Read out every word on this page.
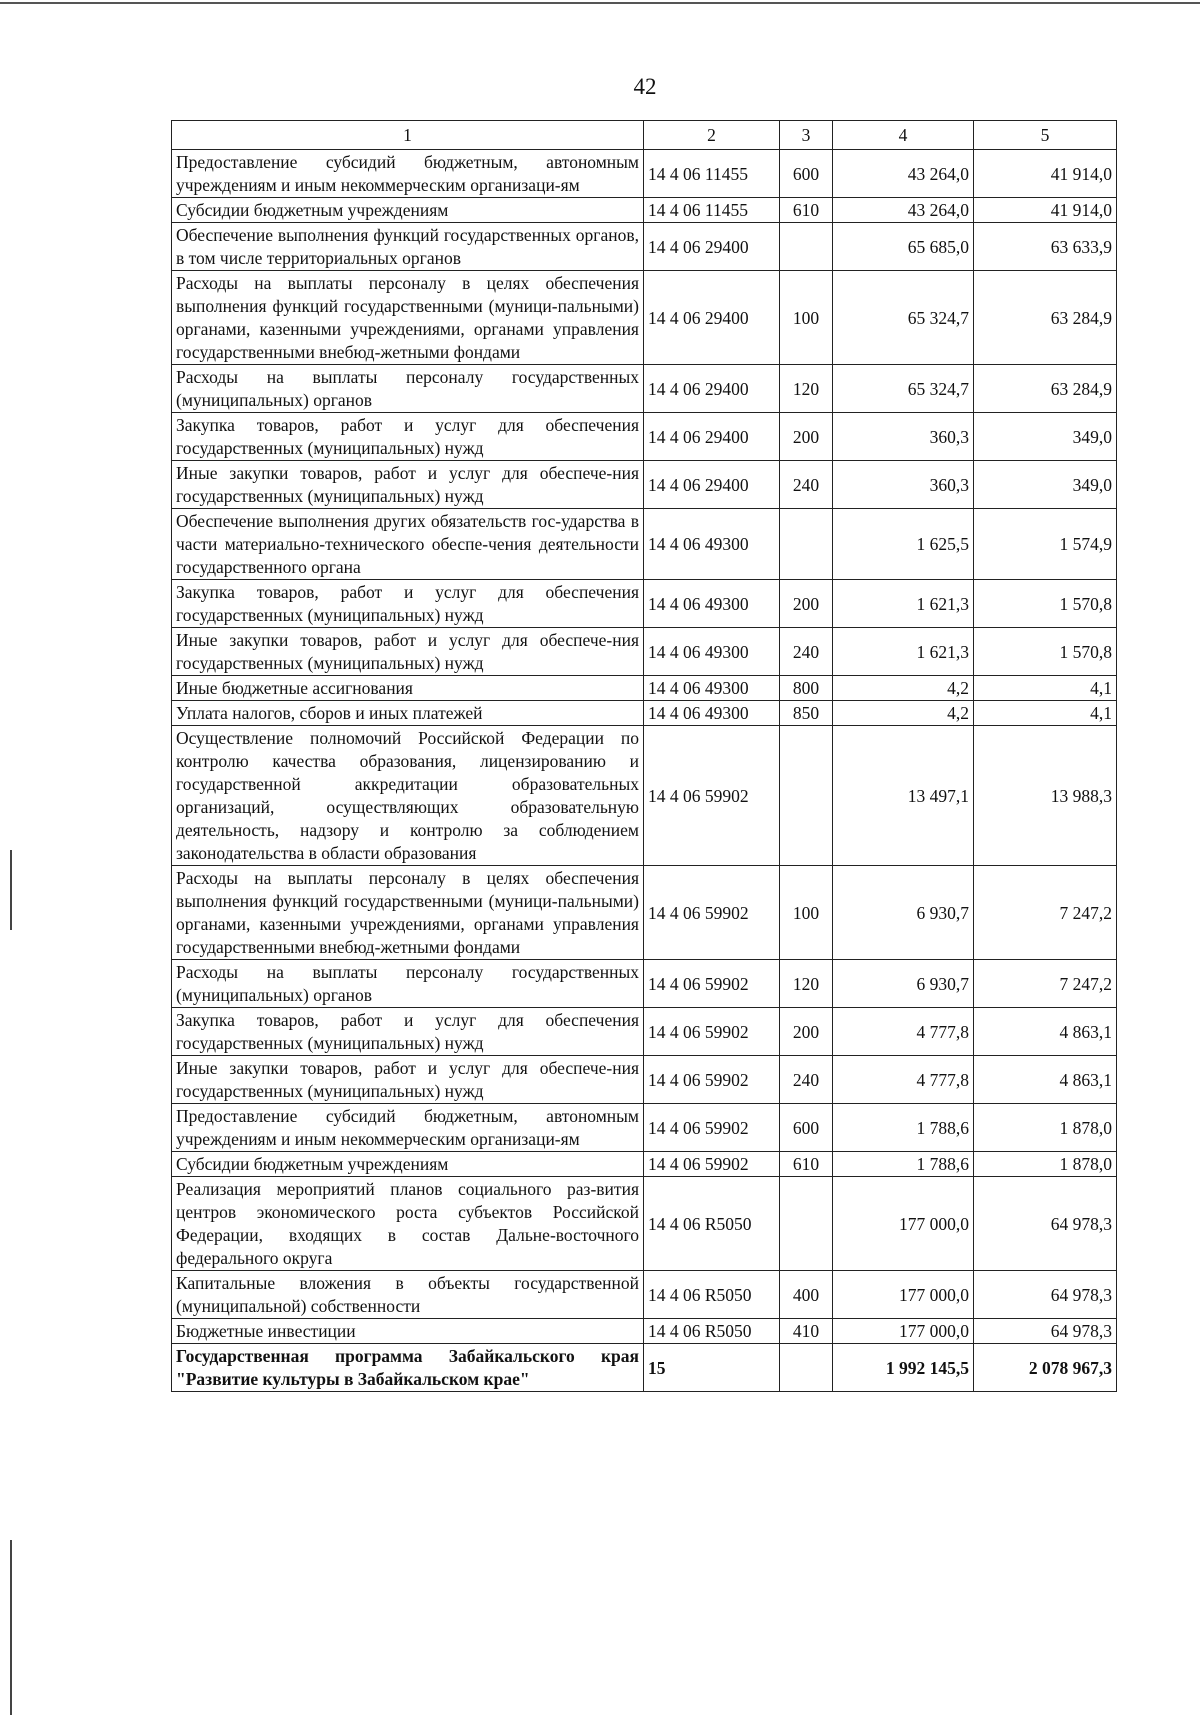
42
1	2	3	4	5
Предоставление субсидий бюджетным, автономным учреждениям и иным некоммерческим организаци-ям	14 4 06 11455	600	43 264,0	41 914,0
Субсидии бюджетным учреждениям	14 4 06 11455	610	43 264,0	41 914,0
Обеспечение выполнения функций государственных органов, в том числе территориальных органов	14 4 06 29400		65 685,0	63 633,9
Расходы на выплаты персоналу в целях обеспечения выполнения функций государственными (муници-пальными) органами, казенными учреждениями, органами управления государственными внебюд-жетными фондами	14 4 06 29400	100	65 324,7	63 284,9
Расходы на выплаты персоналу государственных (муниципальных) органов	14 4 06 29400	120	65 324,7	63 284,9
Закупка товаров, работ и услуг для обеспечения государственных (муниципальных) нужд	14 4 06 29400	200	360,3	349,0
Иные закупки товаров, работ и услуг для обеспече-ния государственных (муниципальных) нужд	14 4 06 29400	240	360,3	349,0
Обеспечение выполнения других обязательств гос-ударства в части материально-технического обеспе-чения деятельности государственного органа	14 4 06 49300		1 625,5	1 574,9
Закупка товаров, работ и услуг для обеспечения государственных (муниципальных) нужд	14 4 06 49300	200	1 621,3	1 570,8
Иные закупки товаров, работ и услуг для обеспече-ния государственных (муниципальных) нужд	14 4 06 49300	240	1 621,3	1 570,8
Иные бюджетные ассигнования	14 4 06 49300	800	4,2	4,1
Уплата налогов, сборов и иных платежей	14 4 06 49300	850	4,2	4,1
Осуществление полномочий Российской Федерации по контролю качества образования, лицензированию и государственной аккредитации образовательных организаций, осуществляющих образовательную деятельность, надзору и контролю за соблюдением законодательства в области образования	14 4 06 59902		13 497,1	13 988,3
Расходы на выплаты персоналу в целях обеспечения выполнения функций государственными (муници-пальными) органами, казенными учреждениями, органами управления государственными внебюд-жетными фондами	14 4 06 59902	100	6 930,7	7 247,2
Расходы на выплаты персоналу государственных (муниципальных) органов	14 4 06 59902	120	6 930,7	7 247,2
Закупка товаров, работ и услуг для обеспечения государственных (муниципальных) нужд	14 4 06 59902	200	4 777,8	4 863,1
Иные закупки товаров, работ и услуг для обеспече-ния государственных (муниципальных) нужд	14 4 06 59902	240	4 777,8	4 863,1
Предоставление субсидий бюджетным, автономным учреждениям и иным некоммерческим организаци-ям	14 4 06 59902	600	1 788,6	1 878,0
Субсидии бюджетным учреждениям	14 4 06 59902	610	1 788,6	1 878,0
Реализация мероприятий планов социального раз-вития центров экономического роста субъектов Российской Федерации, входящих в состав Дальне-восточного федерального округа	14 4 06 R5050		177 000,0	64 978,3
Капитальные вложения в объекты государственной (муниципальной) собственности	14 4 06 R5050	400	177 000,0	64 978,3
Бюджетные инвестиции	14 4 06 R5050	410	177 000,0	64 978,3
Государственная программа Забайкальского края "Развитие культуры в Забайкальском крае"	15		1 992 145,5	2 078 967,3
